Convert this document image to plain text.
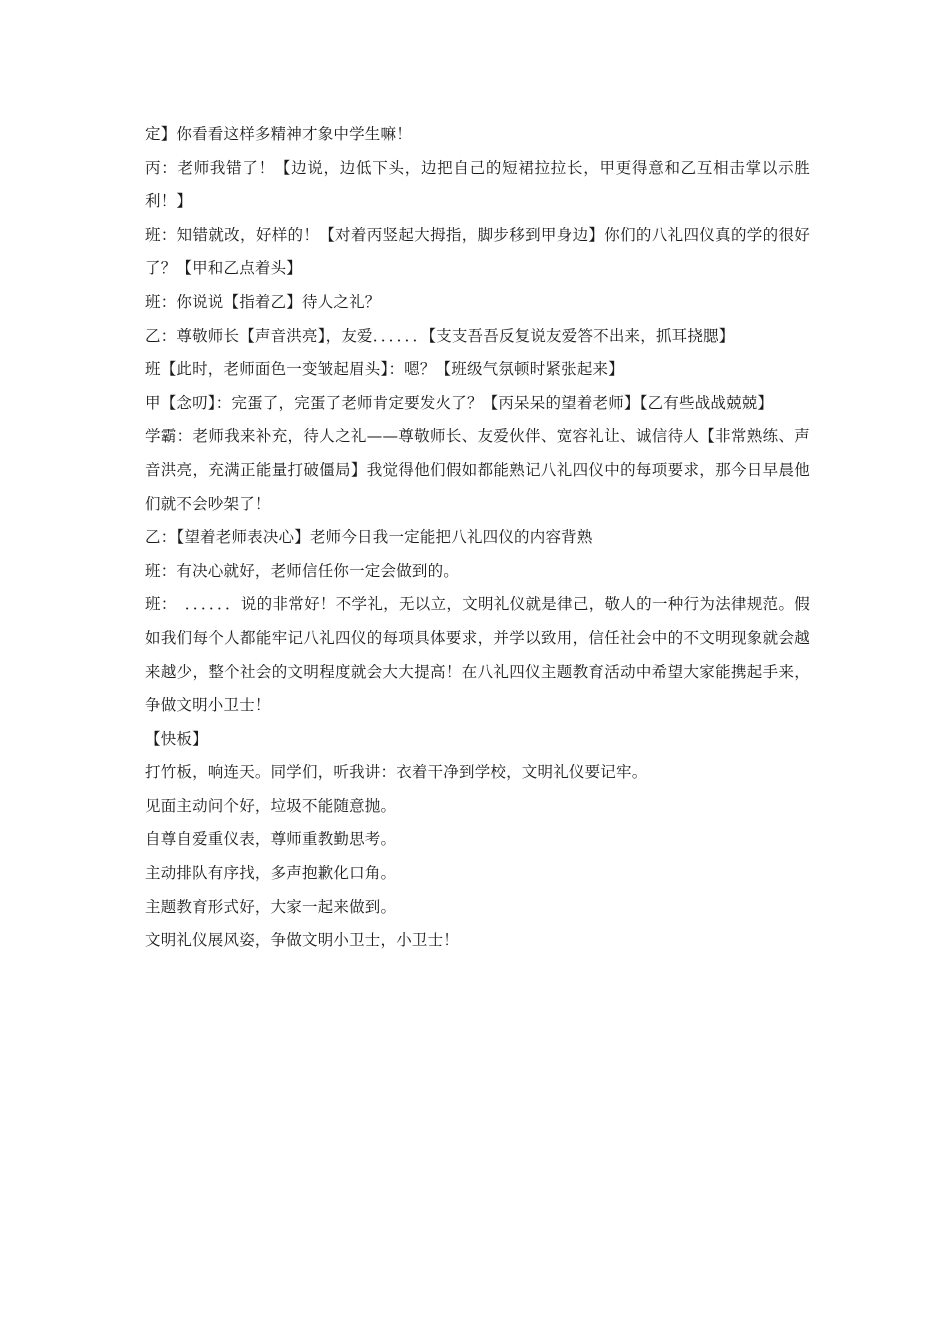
定】你看看这样多精神才象中学生嘛！

丙：老师我错了！【边说，边低下头，边把自己的短裙拉拉长，甲更得意和乙互相击掌以示胜利！】

班：知错就改，好样的！【对着丙竖起大拇指，脚步移到甲身边】你们的八礼四仪真的学的很好了？【甲和乙点着头】

班：你说说【指着乙】待人之礼？

乙：尊敬师长【声音洪亮】，友爱．．．．．．【支支吾吾反复说友爱答不出来，抓耳挠腮】

班【此时，老师面色一变皱起眉头】：嗯？【班级气氛顿时紧张起来】

甲【念叨】：完蛋了，完蛋了老师肯定要发火了？【丙呆呆的望着老师】【乙有些战战兢兢】

学霸：老师我来补充，待人之礼——尊敬师长、友爱伙伴、宽容礼让、诚信待人【非常熟练、声音洪亮，充满正能量打破僵局】我觉得他们假如都能熟记八礼四仪中的每项要求，那今日早晨他们就不会吵架了！

乙：【望着老师表决心】老师今日我一定能把八礼四仪的内容背熟

班：有决心就好，老师信任你一定会做到的。

班：　．．．．．．说的非常好！不学礼，无以立，文明礼仪就是律己，敬人的一种行为法律规范。假如我们每个人都能牢记八礼四仪的每项具体要求，并学以致用，信任社会中的不文明现象就会越来越少，整个社会的文明程度就会大大提高！在八礼四仪主题教育活动中希望大家能携起手来，争做文明小卫士！

【快板】

打竹板，响连天。同学们，听我讲：衣着干净到学校，文明礼仪要记牢。

见面主动问个好，垃圾不能随意抛。

自尊自爱重仪表，尊师重教勤思考。

主动排队有序找，多声抱歉化口角。

主题教育形式好，大家一起来做到。

文明礼仪展风姿，争做文明小卫士，小卫士！
